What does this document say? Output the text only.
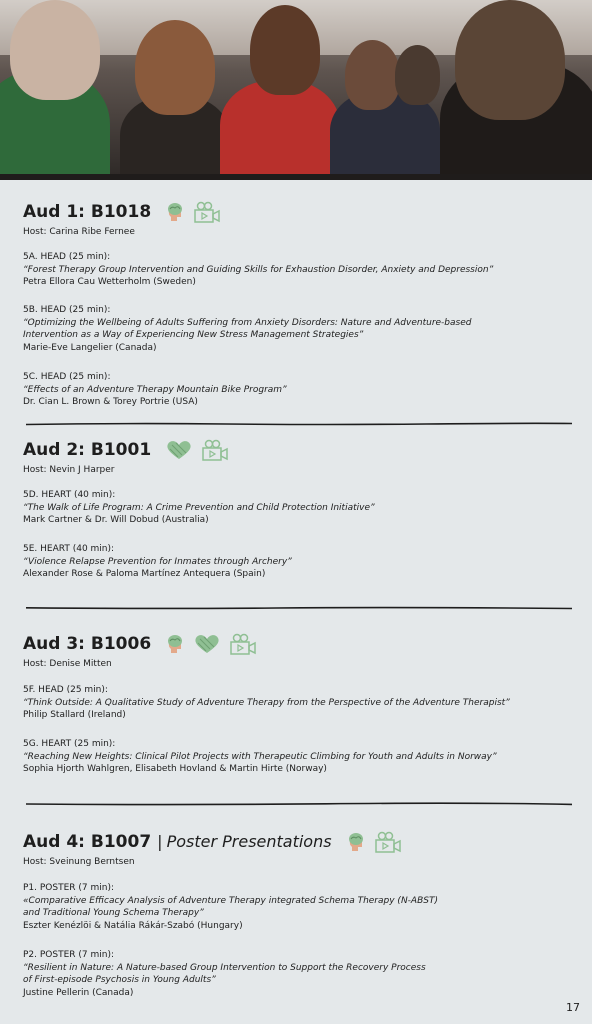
Aud 1: B1018
Host: Carina Ribe Fernee
5A. HEAD (25 min):
“Forest Therapy Group Intervention and Guiding Skills for Exhaustion Disorder, Anxiety and Depression”
Petra Ellora Cau Wetterholm (Sweden)
5B. HEAD (25 min):
“Optimizing the Wellbeing of Adults Suffering from Anxiety Disorders: Nature and Adventure-based
Intervention as a Way of Experiencing New Stress Management Strategies”
Marie-Eve Langelier (Canada)
5C. HEAD (25 min):
“Effects of an Adventure Therapy Mountain Bike Program”
Dr. Cian L. Brown & Torey Portrie (USA)
Aud 2: B1001
Host: Nevin J Harper
5D. HEART (40 min):
“The Walk of Life Program: A Crime Prevention and Child Protection Initiative”
Mark Cartner & Dr. Will Dobud (Australia)
5E. HEART (40 min):
“Violence Relapse Prevention for Inmates through Archery”
Alexander Rose & Paloma Martínez Antequera (Spain)
Aud 3: B1006
Host: Denise Mitten
5F. HEAD (25 min):
“Think Outside: A Qualitative Study of Adventure Therapy from the Perspective of the Adventure Therapist”
Philip Stallard (Ireland)
5G. HEART (25 min):
“Reaching New Heights: Clinical Pilot Projects with Therapeutic Climbing for Youth and Adults in Norway”
Sophia Hjorth Wahlgren, Elisabeth Hovland & Martin Hirte (Norway)
Aud 4: B1007 | Poster Presentations
Host: Sveinung Berntsen
P1. POSTER (7 min):
«Comparative Efficacy Analysis of Adventure Therapy integrated Schema Therapy (N-ABST)
and Traditional Young Schema Therapy”
Eszter Kenézlöi & Natália Rákár-Szabó (Hungary)
P2. POSTER (7 min):
“Resilient in Nature: A Nature-based Group Intervention to Support the Recovery Process
of First-episode Psychosis in Young Adults”
Justine Pellerin (Canada)
17
